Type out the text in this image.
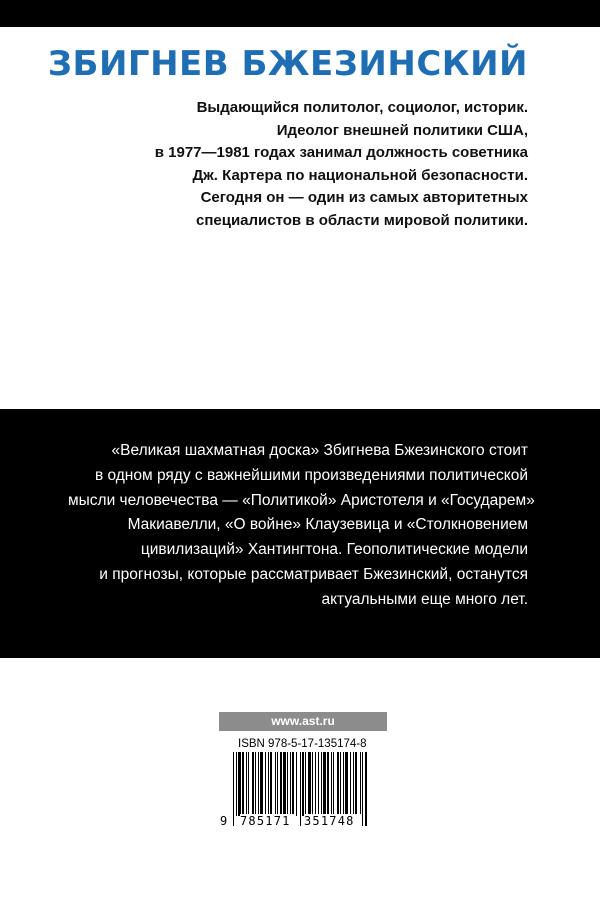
ЗБИГНЕВ БЖЕЗИНСКИЙ
Выдающийся политолог, социолог, историк.
Идеолог внешней политики США,
в 1977—1981 годах занимал должность советника
Дж. Картера по национальной безопасности.
Сегодня он — один из самых авторитетных
специалистов в области мировой политики.
«Великая шахматная доска» Збигнева Бжезинского стоит
в одном ряду с важнейшими произведениями политической
мысли человечества — «Политикой» Аристотеля и «Государем»
Макиавелли, «О войне» Клаузевица и «Столкновением
цивилизаций» Хантингтона. Геополитические модели
и прогнозы, которые рассматривает Бжезинский, останутся
актуальными еще много лет.
www.ast.ru
ISBN 978-5-17-135174-8
9 785171	351748
